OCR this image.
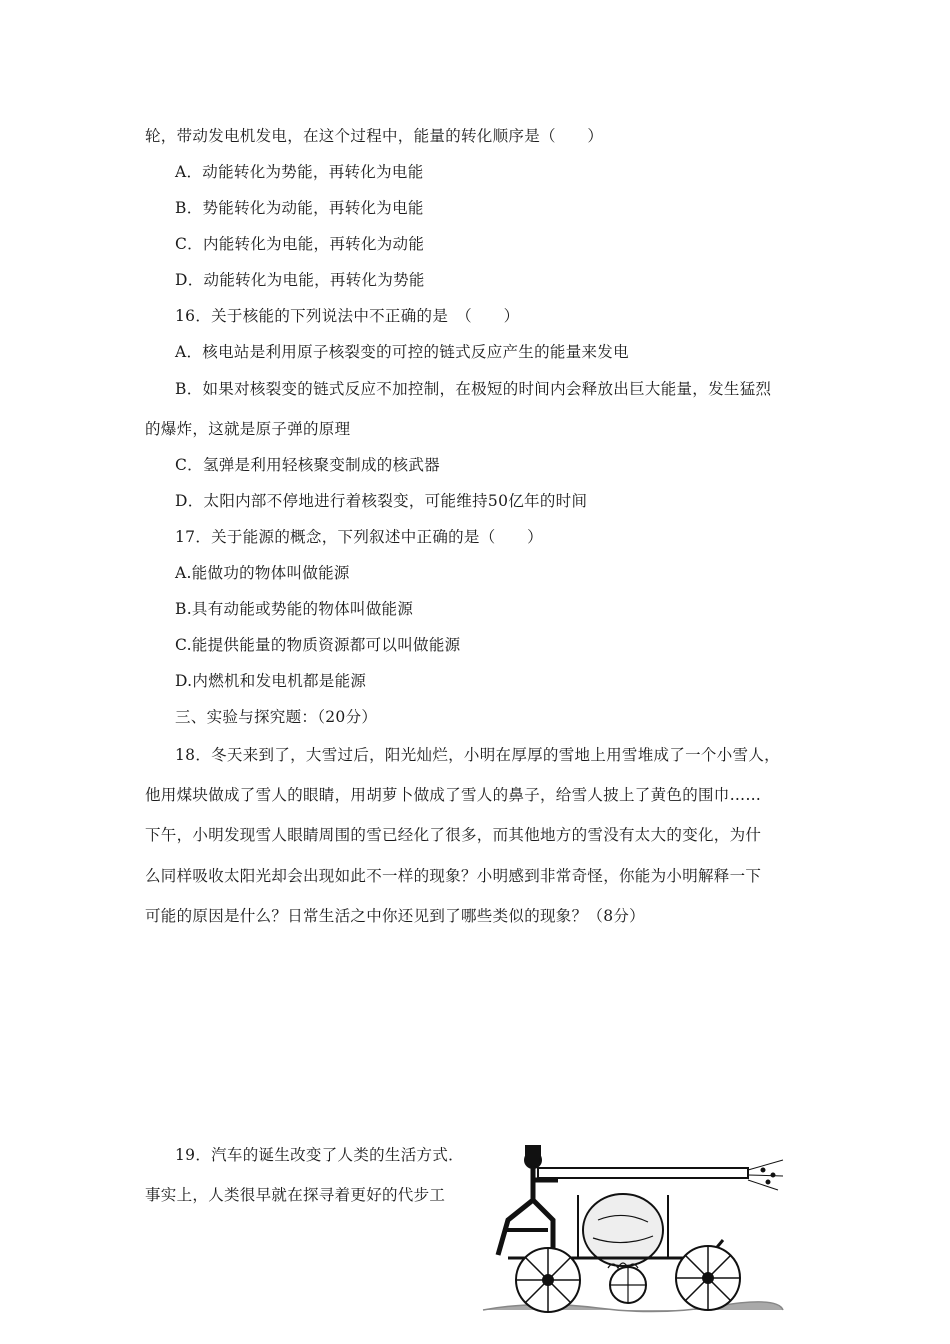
轮，带动发电机发电，在这个过程中，能量的转化顺序是（　　）
A．动能转化为势能，再转化为电能
B．势能转化为动能，再转化为电能
C．内能转化为电能，再转化为动能
D．动能转化为电能，再转化为势能
16．关于核能的下列说法中不正确的是　（　　）
A．核电站是利用原子核裂变的可控的链式反应产生的能量来发电
B．如果对核裂变的链式反应不加控制，在极短的时间内会释放出巨大能量，发生猛烈
的爆炸，这就是原子弹的原理
C．氢弹是利用轻核聚变制成的核武器
D．太阳内部不停地进行着核裂变，可能维持50亿年的时间
17．关于能源的概念，下列叙述中正确的是（　　）
A.能做功的物体叫做能源
B.具有动能或势能的物体叫做能源
C.能提供能量的物质资源都可以叫做能源
D.内燃机和发电机都是能源
三、实验与探究题：（20分）
18．冬天来到了，大雪过后，阳光灿烂，小明在厚厚的雪地上用雪堆成了一个小雪人，
他用煤块做成了雪人的眼睛，用胡萝卜做成了雪人的鼻子，给雪人披上了黄色的围巾……
下午，小明发现雪人眼睛周围的雪已经化了很多，而其他地方的雪没有太大的变化，为什
么同样吸收太阳光却会出现如此不一样的现象？小明感到非常奇怪，你能为小明解释一下
可能的原因是什么？日常生活之中你还见到了哪些类似的现象？（8分）
19．汽车的诞生改变了人类的生活方式．
事实上，人类很早就在探寻着更好的代步工
